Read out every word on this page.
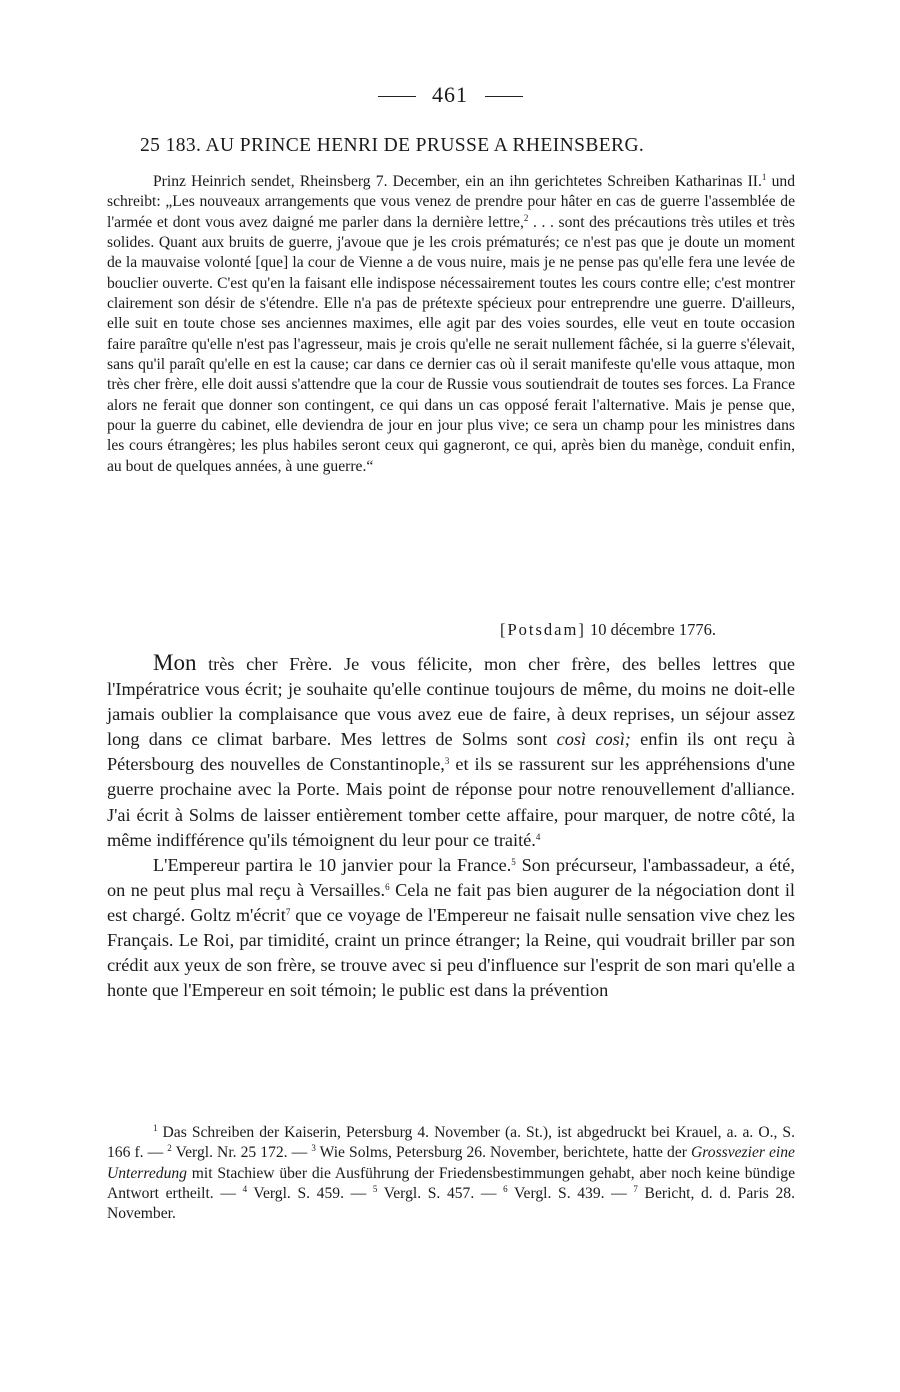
461
25 183. AU PRINCE HENRI DE PRUSSE A RHEINSBERG.
Prinz Heinrich sendet, Rheinsberg 7. December, ein an ihn gerichtetes Schreiben Katharinas II.$^1$ und schreibt: „Les nouveaux arrangements que vous venez de prendre pour hâter en cas de guerre l'assemblée de l'armée et dont vous avez daigné me parler dans la dernière lettre,$^2$ . . . sont des précautions très utiles et très solides. Quant aux bruits de guerre, j'avoue que je les crois prématurés; ce n'est pas que je doute un moment de la mauvaise volonté [que] la cour de Vienne a de vous nuire, mais je ne pense pas qu'elle fera une levée de bouclier ouverte. C'est qu'en la faisant elle indispose nécessairement toutes les cours contre elle; c'est montrer clairement son désir de s'étendre. Elle n'a pas de prétexte spécieux pour entreprendre une guerre. D'ailleurs, elle suit en toute chose ses anciennes maximes, elle agit par des voies sourdes, elle veut en toute occasion faire paraître qu'elle n'est pas l'agresseur, mais je crois qu'elle ne serait nullement fâchée, si la guerre s'élevait, sans qu'il paraît qu'elle en est la cause; car dans ce dernier cas où il serait manifeste qu'elle vous attaque, mon très cher frère, elle doit aussi s'attendre que la cour de Russie vous soutiendrait de toutes ses forces. La France alors ne ferait que donner son contingent, ce qui dans un cas opposé ferait l'alternative. Mais je pense que, pour la guerre du cabinet, elle deviendra de jour en jour plus vive; ce sera un champ pour les ministres dans les cours étrangères; les plus habiles seront ceux qui gagneront, ce qui, après bien du manège, conduit enfin, au bout de quelques années, à une guerre.“
[Potsdam] 10 décembre 1776.

Mon très cher Frère. Je vous félicite, mon cher frère, des belles lettres que l'Impératrice vous écrit; je souhaite qu'elle continue toujours de même, du moins ne doit-elle jamais oublier la complaisance que vous avez eue de faire, à deux reprises, un séjour assez long dans ce climat barbare. Mes lettres de Solms sont così così; enfin ils ont reçu à Pétersbourg des nouvelles de Constantinople,$^3$ et ils se rassurent sur les appréhensions d'une guerre prochaine avec la Porte. Mais point de réponse pour notre renouvellement d'alliance. J'ai écrit à Solms de laisser entièrement tomber cette affaire, pour marquer, de notre côté, la même indifférence qu'ils témoignent du leur pour ce traité.$^4$

L'Empereur partira le 10 janvier pour la France.$^5$ Son précurseur, l'ambassadeur, a été, on ne peut plus mal reçu à Versailles.$^6$ Cela ne fait pas bien augurer de la négociation dont il est chargé. Goltz m'écrit$^7$ que ce voyage de l'Empereur ne faisait nulle sensation vive chez les Français. Le Roi, par timidité, craint un prince étranger; la Reine, qui voudrait briller par son crédit aux yeux de son frère, se trouve avec si peu d'influence sur l'esprit de son mari qu'elle a honte que l'Empereur en soit témoin; le public est dans la prévention

$^1$ Das Schreiben der Kaiserin, Petersburg 4. November (a. St.), ist abgedruckt bei Krauel, a. a. O., S. 166 f. — $^2$ Vergl. Nr. 25 172. — $^3$ Wie Solms, Petersburg 26. November, berichtete, hatte der Grossvezier eine Unterredung mit Stachiew über die Ausführung der Friedensbestimmungen gehabt, aber noch keine bündige Antwort ertheilt. — $^4$ Vergl. S. 459. — $^5$ Vergl. S. 457. — $^6$ Vergl. S. 439. — $^7$ Bericht, d. d. Paris 28. November.
